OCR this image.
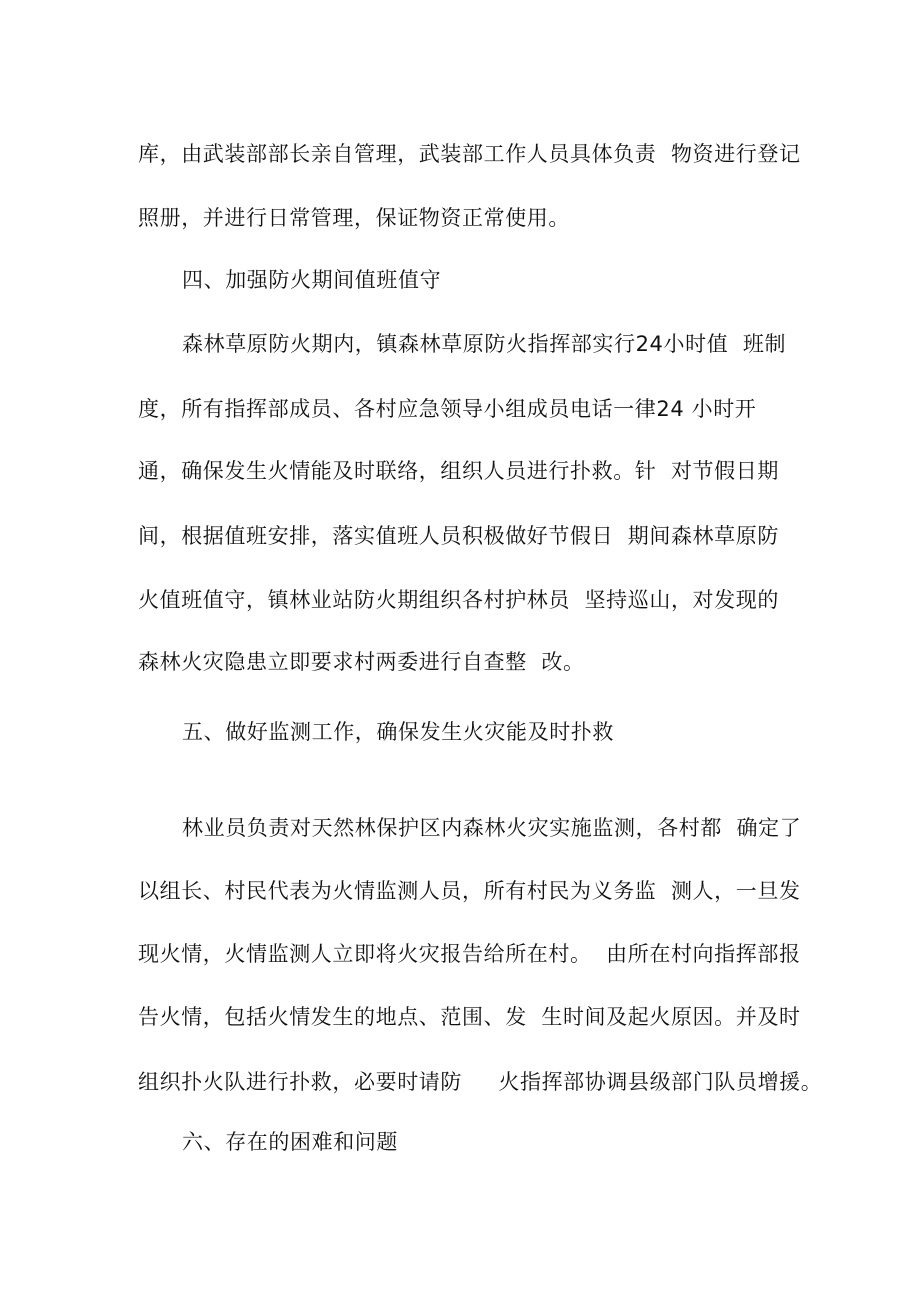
库，由武装部部长亲自管理，武装部工作人员具体负责  物资进行登记
照册，并进行日常管理，保证物资正常使用。
四、加强防火期间值班值守
森林草原防火期内，镇森林草原防火指挥部实行24小时值  班制
度，所有指挥部成员、各村应急领导小组成员电话一律24 小时开
通，确保发生火情能及时联络，组织人员进行扑救。针  对节假日期
间，根据值班安排，落实值班人员积极做好节假日  期间森林草原防
火值班值守，镇林业站防火期组织各村护林员  坚持巡山，对发现的
森林火灾隐患立即要求村两委进行自查整  改。
五、做好监测工作，确保发生火灾能及时扑救
林业员负责对天然林保护区内森林火灾实施监测，各村都  确定了
以组长、村民代表为火情监测人员，所有村民为义务监  测人，一旦发
现火情，火情监测人立即将火灾报告给所在村。  由所在村向指挥部报
告火情，包括火情发生的地点、范围、发  生时间及起火原因。并及时
组织扑火队进行扑救，必要时请防     火指挥部协调县级部门队员增援。
六、存在的困难和问题
